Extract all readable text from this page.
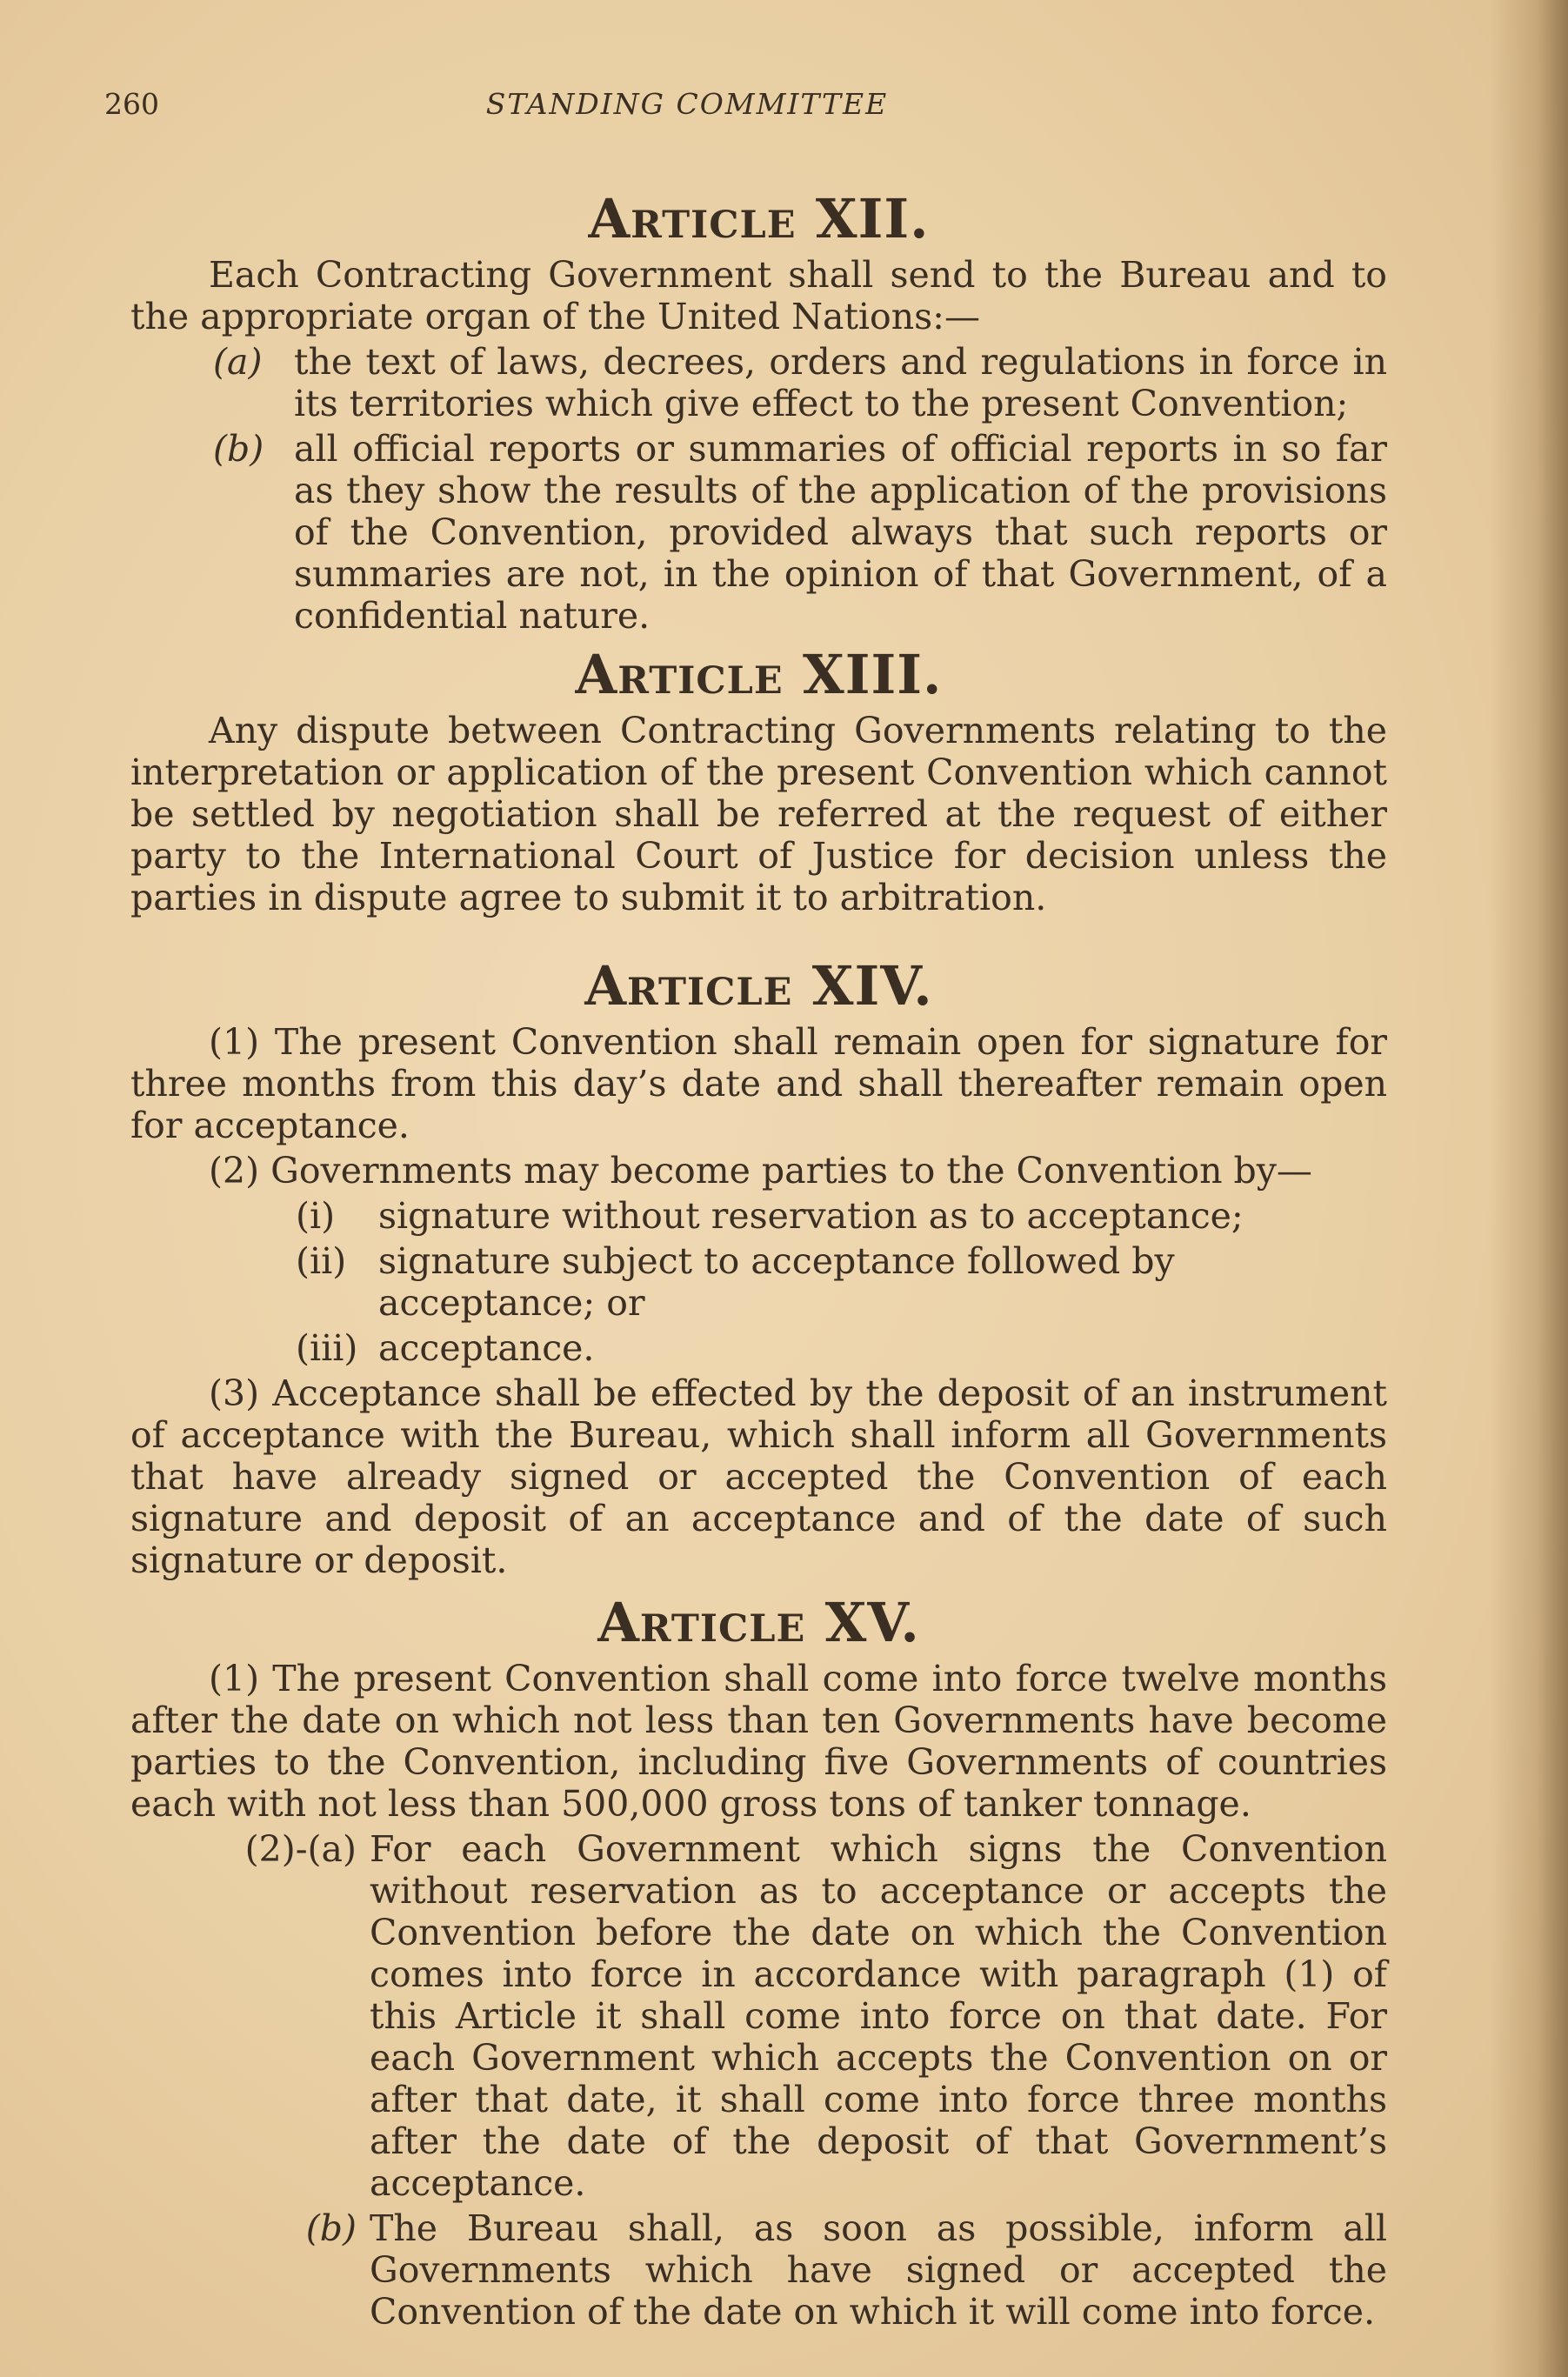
260	STANDING COMMITTEE
Article XII.

Each Contracting Government shall send to the Bureau and to the appropriate organ of the United Nations:—

(a) the text of laws, decrees, orders and regulations in force in its territories which give effect to the present Convention;
(b) all official reports or summaries of official reports in so far as they show the results of the application of the provisions of the Convention, provided always that such reports or summaries are not, in the opinion of that Government, of a confidential nature.
Article XIII.

Any dispute between Contracting Governments relating to the interpretation or application of the present Convention which cannot be settled by negotiation shall be referred at the request of either party to the International Court of Justice for decision unless the parties in dispute agree to submit it to arbitration.

Article XIV.

(1) The present Convention shall remain open for signature for three months from this day’s date and shall thereafter remain open for acceptance.

(2) Governments may become parties to the Convention by—

(i) signature without reservation as to acceptance;
(ii) signature subject to acceptance followed by acceptance; or
(iii) acceptance.

(3) Acceptance shall be effected by the deposit of an instrument of acceptance with the Bureau, which shall inform all Governments that have already signed or accepted the Convention of each signature and deposit of an acceptance and of the date of such signature or deposit.

Article XV.

(1) The present Convention shall come into force twelve months after the date on which not less than ten Governments have become parties to the Convention, including five Governments of countries each with not less than 500,000 gross tons of tanker tonnage.

(2)-(a) For each Government which signs the Convention without reservation as to acceptance or accepts the Convention before the date on which the Convention comes into force in accordance with paragraph (1) of this Article it shall come into force on that date. For each Government which accepts the Convention on or after that date, it shall come into force three months after the date of the deposit of that Government’s acceptance.
(b) The Bureau shall, as soon as possible, inform all Governments which have signed or accepted the Convention of the date on which it will come into force.
